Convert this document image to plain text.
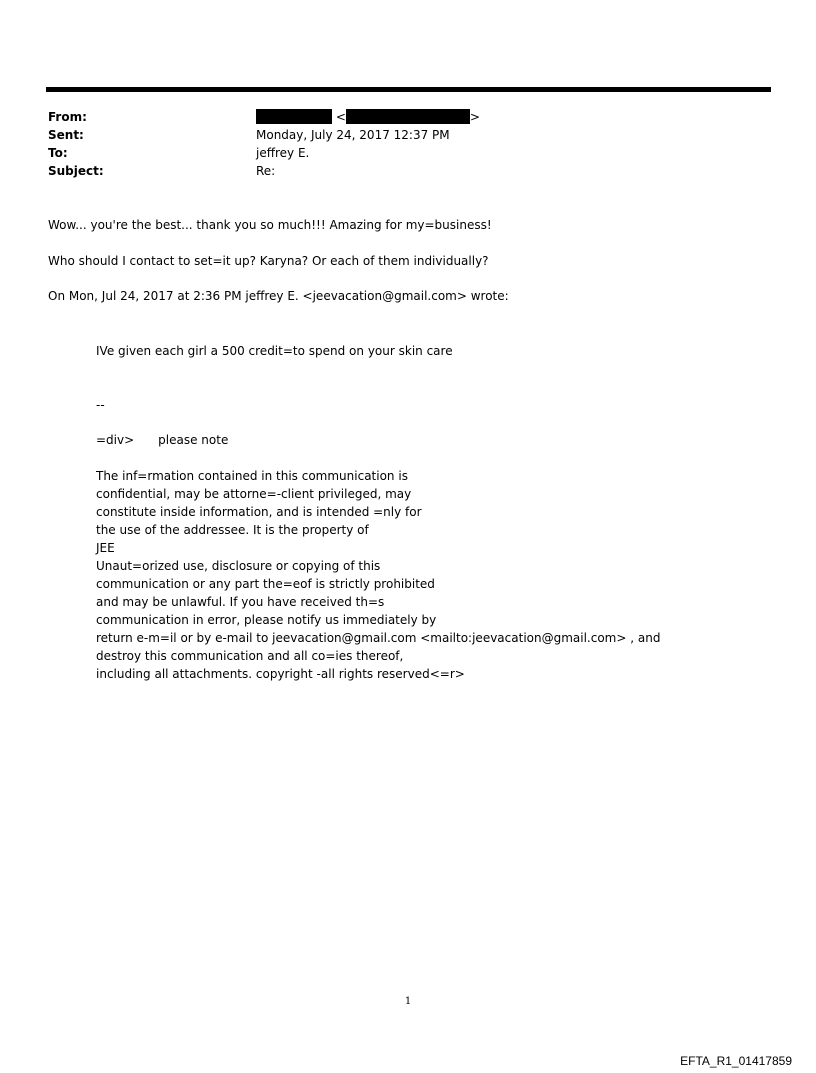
From:	<	>
Sent:	Monday, July 24, 2017 12:37 PM
To:	jeffrey E.
Subject:	Re:
Wow... you're the best... thank you so much!!! Amazing for my=business!
Who should I contact to set=it up? Karyna? Or each of them individually?
On Mon, Jul 24, 2017 at 2:36 PM jeffrey E. <jeevacation@gmail.com> wrote:
IVe given each girl a 500 credit=to spend on your skin care
--
=div> please note
The inf=rmation contained in this communication is
confidential, may be attorne=-client privileged, may
constitute inside information, and is intended =nly for
the use of the addressee. It is the property of
JEE
Unaut=orized use, disclosure or copying of this
communication or any part the=eof is strictly prohibited
and may be unlawful. If you have received th=s
communication in error, please notify us immediately by
return e-m=il or by e-mail to jeevacation@gmail.com <mailto:jeevacation@gmail.com> , and
destroy this communication and all co=ies thereof,
including all attachments. copyright -all rights reserved<=r>
1
EFTA_R1_01417859
